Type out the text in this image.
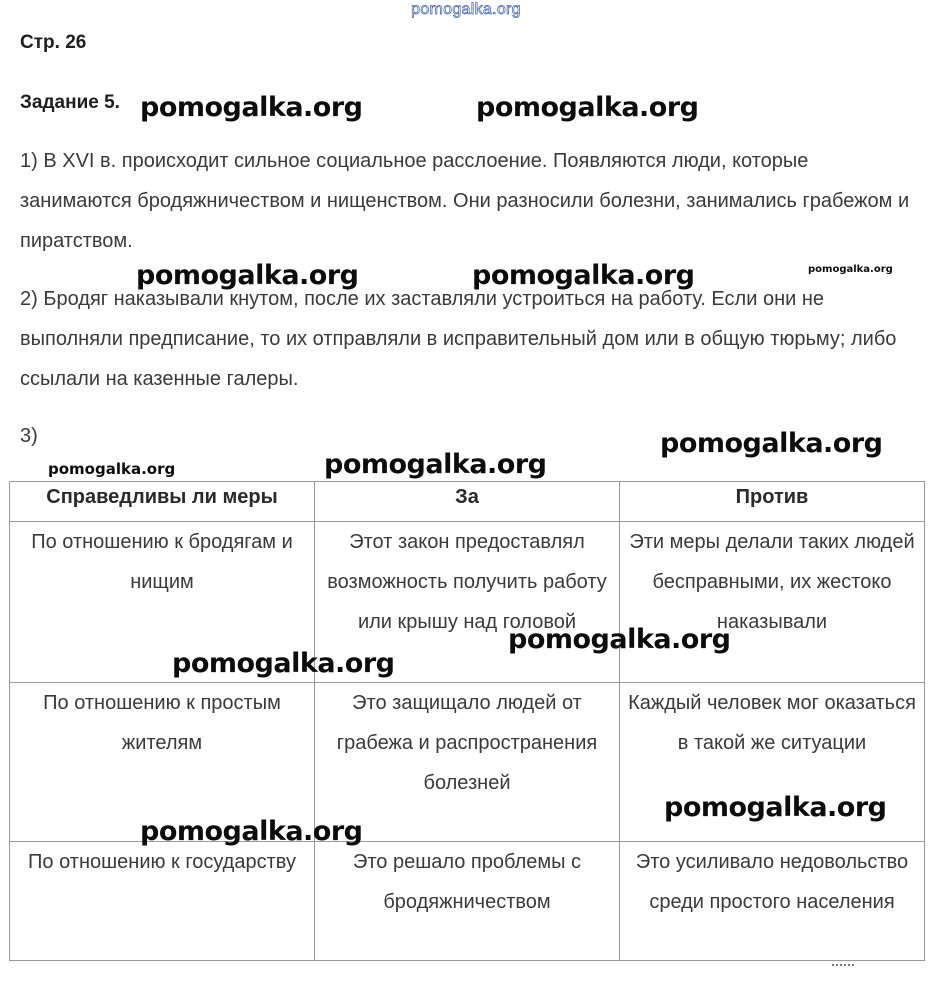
pomogalka.org
Стр. 26
Задание 5.

1) В XVI в. происходит сильное социальное расслоение. Появляются люди, которые занимаются бродяжничеством и нищенством. Они разносили болезни, занимались грабежом и пиратством.

2) Бродяг наказывали кнутом, после их заставляли устроиться на работу. Если они не выполняли предписание, то их отправляли в исправительный дом или в общую тюрьму; либо ссылали на казенные галеры.

3)

Справедливы ли меры	За	Против
По отношению к бродягам и нищим	Этот закон предоставлял возможность получить работу или крышу над головой	Эти меры делали таких людей бесправными, их жестоко наказывали
По отношению к простым жителям	Это защищало людей от грабежа и распространения болезней	Каждый человек мог оказаться в такой же ситуации
По отношению к государству	Это решало проблемы с бродяжничеством	Это усиливало недовольство среди простого населения
pomogalka.org	pomogalka.org
pomogalka.org	pomogalka.org	pomogalka.org
pomogalka.org
pomogalka.org	pomogalka.org
pomogalka.org
pomogalka.org
pomogalka.org
pomogalka.org
